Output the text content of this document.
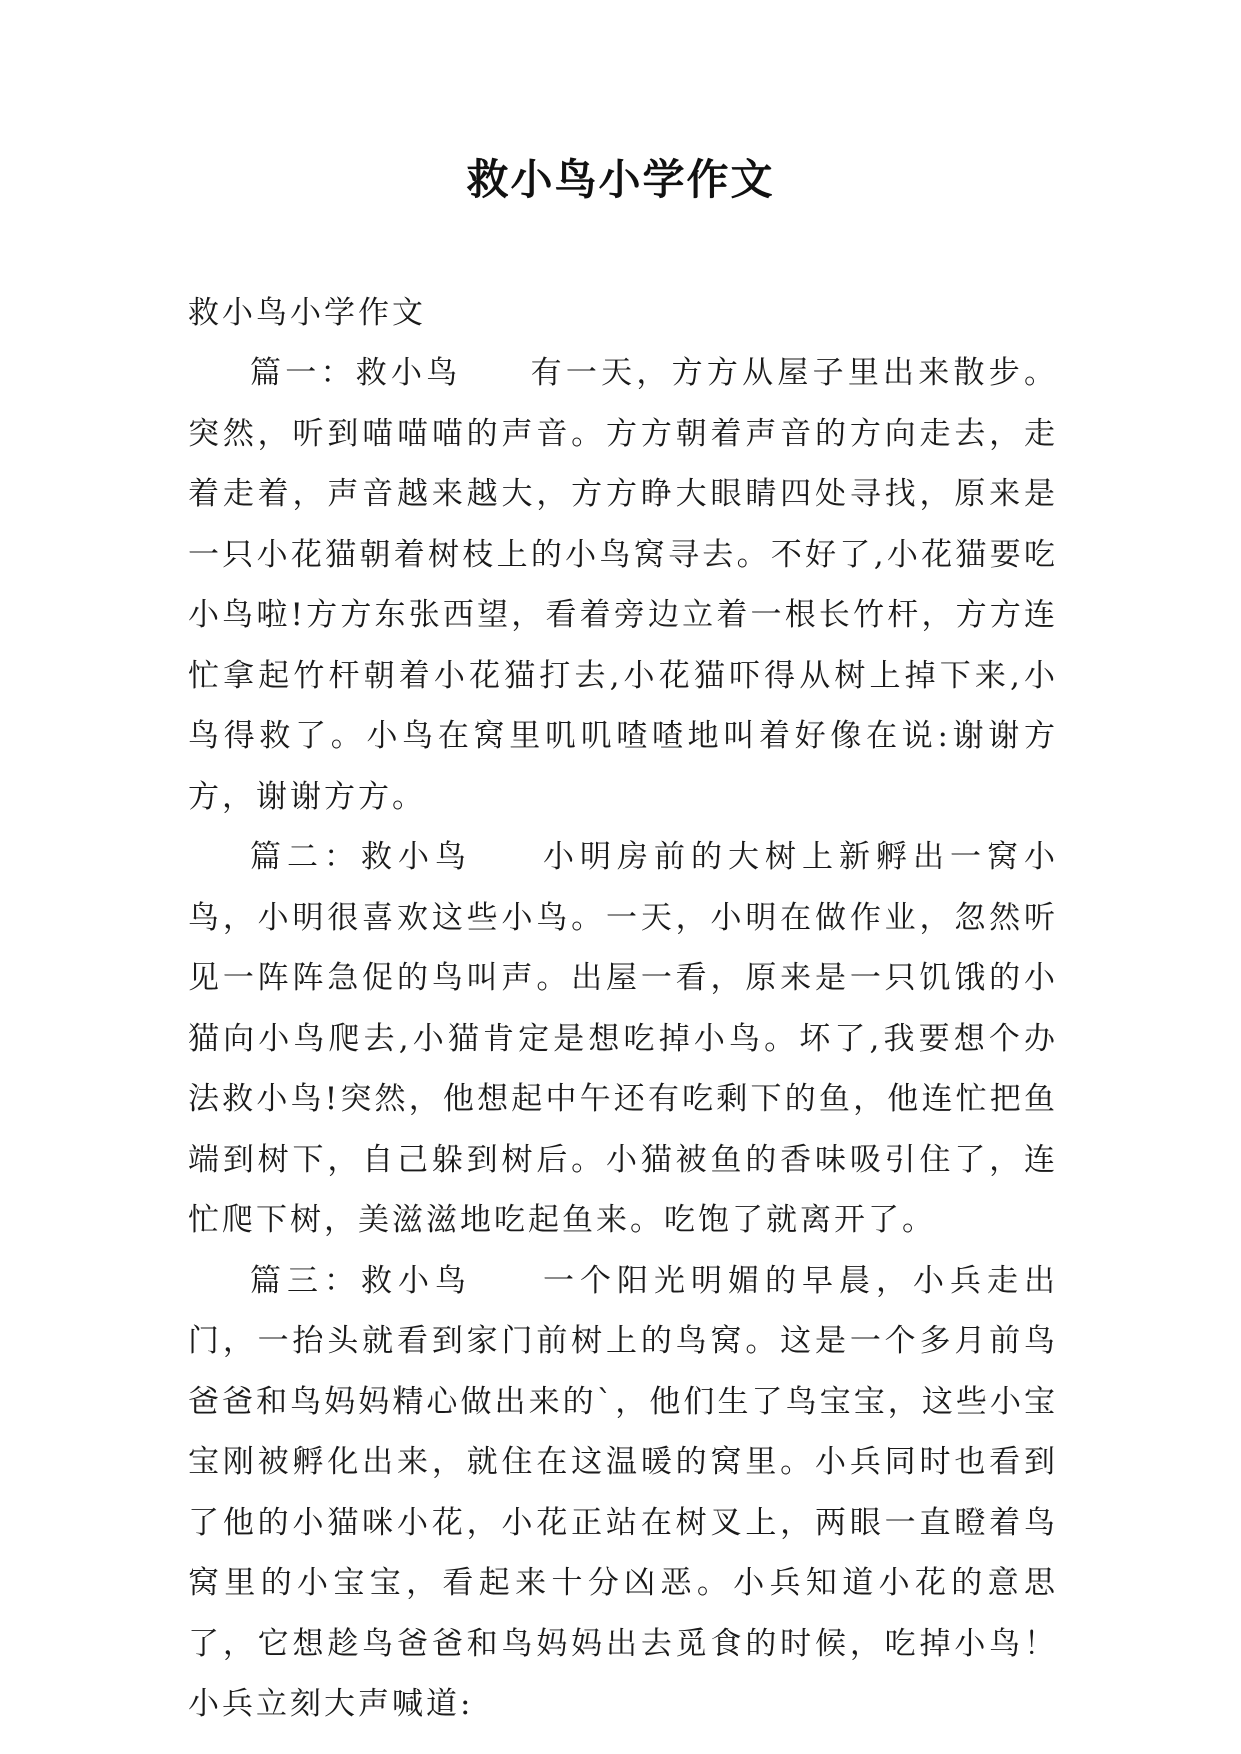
救小鸟小学作文

救小鸟小学作文

篇一：救小鸟 有一天，方方从屋子里出来散步。突然，听到喵喵喵的声音。方方朝着声音的方向走去，走着走着，声音越来越大，方方睁大眼睛四处寻找，原来是一只小花猫朝着树枝上的小鸟窝寻去。不好了,小花猫要吃小鸟啦!方方东张西望，看着旁边立着一根长竹杆，方方连忙拿起竹杆朝着小花猫打去,小花猫吓得从树上掉下来,小鸟得救了。小鸟在窝里叽叽喳喳地叫着好像在说:谢谢方方，谢谢方方。

篇二：救小鸟 小明房前的大树上新孵出一窝小鸟，小明很喜欢这些小鸟。一天，小明在做作业，忽然听见一阵阵急促的鸟叫声。出屋一看，原来是一只饥饿的小猫向小鸟爬去,小猫肯定是想吃掉小鸟。坏了,我要想个办法救小鸟!突然，他想起中午还有吃剩下的鱼，他连忙把鱼端到树下，自己躲到树后。小猫被鱼的香味吸引住了，连忙爬下树，美滋滋地吃起鱼来。吃饱了就离开了。

篇三：救小鸟 一个阳光明媚的早晨，小兵走出门，一抬头就看到家门前树上的鸟窝。这是一个多月前鸟爸爸和鸟妈妈精心做出来的`，他们生了鸟宝宝，这些小宝宝刚被孵化出来，就住在这温暖的窝里。小兵同时也看到了他的小猫咪小花，小花正站在树叉上，两眼一直瞪着鸟窝里的小宝宝，看起来十分凶恶。小兵知道小花的意思了，它想趁鸟爸爸和鸟妈妈出去觅食的时候，吃掉小鸟！小兵立刻大声喊道:
